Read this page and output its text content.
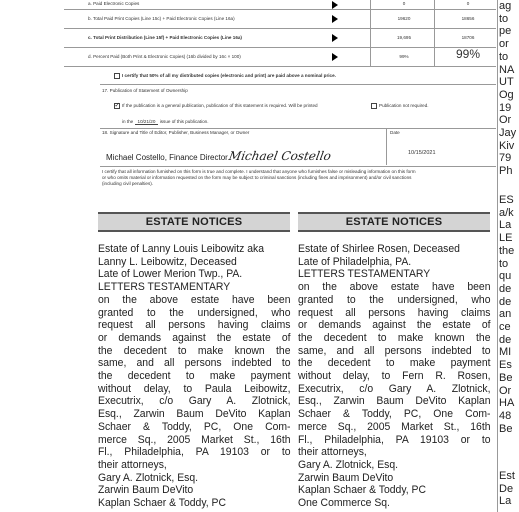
a. Paid Electronic Copies	0	0
b. Total Paid Print Copies (Line 15c) + Paid Electronic Copies (Line 16a)	19620	18656
c. Total Print Distribution (Line 15f) + Paid Electronic Copies (Line 16a)	19,695	18706
d. Percent Paid (Both Print & Electronic Copies) (16b divided by 16c × 100)	99%	99%
I certify that 50% of all my distributed copies (electronic and print) are paid above a nominal price.
17. Publication of Statement of Ownership
✓If the publication is a general publication, publication of this statement is required. Will be printed	Publication not required.
in the 10/21/20 issue of this publication.
18. Signature and Title of Editor, Publisher, Business Manager, or Owner	Date
Michael Costello, Finance Director Michael Costello	10/15/2021
I certify that all information furnished on this form is true and complete. I understand that anyone who furnishes false or misleading information on this form
or who omits material or information requested on the form may be subject to criminal sanctions (including fines and imprisonment) and/or civil sanctions
(including civil penalties).
ESTATE NOTICES
Estate of Lanny Louis Leibowitz aka
Lanny L. Leibowitz, Deceased
Late of Lower Merion Twp., PA.
LETTERS TESTAMENTARY
on the above estate have been
granted to the undersigned, who
request all persons having claims
or demands against the estate of
the decedent to make known the
same, and all persons indebted to
the decedent to make payment
without delay, to Paula Leibowitz,
Executrix, c/o Gary A. Zlotnick,
Esq., Zarwin Baum DeVito Kaplan
Schaer & Toddy, PC, One Com-
merce Sq., 2005 Market St., 16th
Fl., Philadelphia, PA 19103 or to
their attorneys,
Gary A. Zlotnick, Esq.
Zarwin Baum DeVito
Kaplan Schaer & Toddy, PC
ESTATE NOTICES
Estate of Shirlee Rosen, Deceased
Late of Philadelphia, PA.
LETTERS TESTAMENTARY
on the above estate have been
granted to the undersigned, who
request all persons having claims
or demands against the estate of
the decedent to make known the
same, and all persons indebted to
the decedent to make payment
without delay, to Fern R. Rosen,
Executrix, c/o Gary A. Zlotnick,
Esq., Zarwin Baum DeVito Kaplan
Schaer & Toddy, PC, One Com-
merce Sq., 2005 Market St., 16th
Fl., Philadelphia, PA 19103 or to
their attorneys,
Gary A. Zlotnick, Esq.
Zarwin Baum DeVito
Kaplan Schaer & Toddy, PC
One Commerce Sq.
ag
to
pe
or
to
NA
UT
Og
19
Or
Jay
Kiv
79
Ph
ES
a/k
La
LE
the
to
qu
de
de
an
ce
de
MI
Es
Be
Or
HA
48
Be
Est
De
La
